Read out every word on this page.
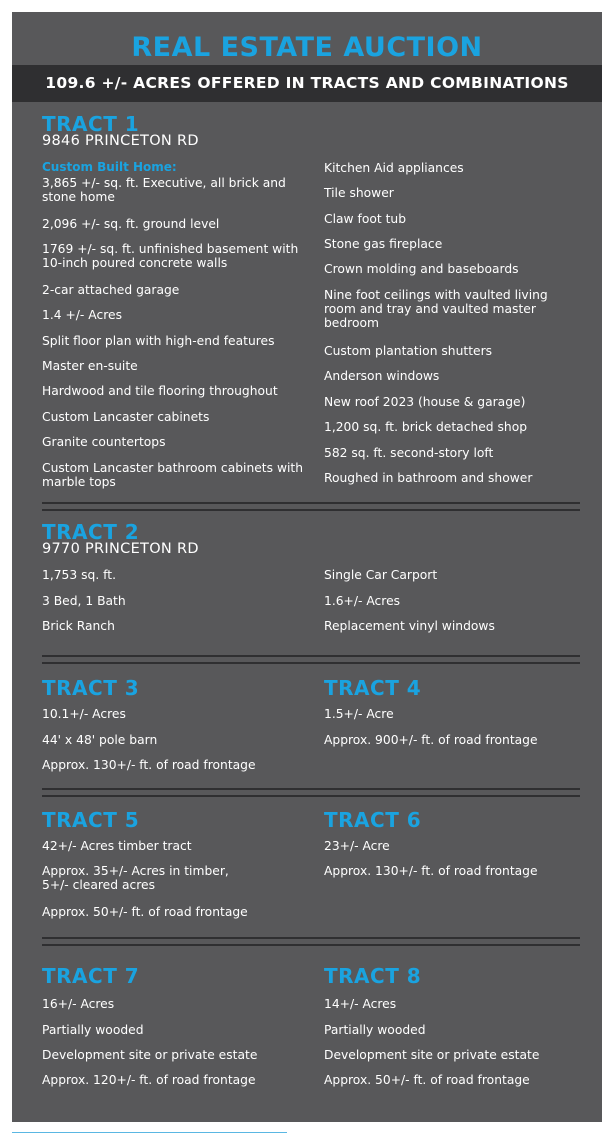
REAL ESTATE AUCTION
109.6 +/- ACRES OFFERED IN TRACTS AND COMBINATIONS
TRACT 1
9846 PRINCETON RD
Custom Built Home:
3,865 +/- sq. ft. Executive, all brick and stone home
2,096 +/- sq. ft. ground level
1769 +/- sq. ft. unfinished basement with 10-inch poured concrete walls
2-car attached garage
1.4 +/- Acres
Split floor plan with high-end features
Master en-suite
Hardwood and tile flooring throughout
Custom Lancaster cabinets
Granite countertops
Custom Lancaster bathroom cabinets with marble tops
Kitchen Aid appliances
Tile shower
Claw foot tub
Stone gas fireplace
Crown molding and baseboards
Nine foot ceilings with vaulted living room and tray and vaulted master bedroom
Custom plantation shutters
Anderson windows
New roof 2023 (house & garage)
1,200 sq. ft. brick detached shop
582 sq. ft. second-story loft
Roughed in bathroom and shower
TRACT 2
9770 PRINCETON RD
1,753 sq. ft.
3 Bed, 1 Bath
Brick Ranch
Single Car Carport
1.6+/- Acres
Replacement vinyl windows
TRACT 3
10.1+/- Acres
44' x 48' pole barn
Approx. 130+/- ft. of road frontage
TRACT 4
1.5+/- Acre
Approx. 900+/- ft. of road frontage
TRACT 5
42+/- Acres timber tract
Approx. 35+/- Acres in timber, 5+/- cleared acres
Approx. 50+/- ft. of road frontage
TRACT 6
23+/- Acre
Approx. 130+/- ft. of road frontage
TRACT 7
16+/- Acres
Partially wooded
Development site or private estate
Approx. 120+/- ft. of road frontage
TRACT 8
14+/- Acres
Partially wooded
Development site or private estate
Approx. 50+/- ft. of road frontage
